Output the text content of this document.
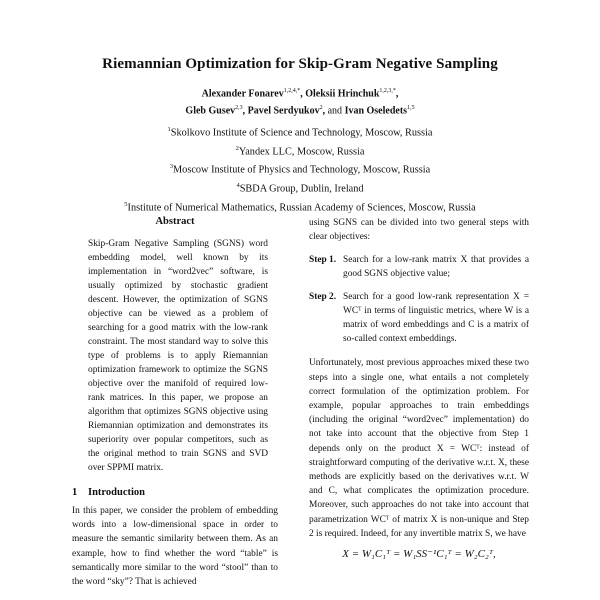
Riemannian Optimization for Skip-Gram Negative Sampling
Alexander Fonarev$^{1,2,4,*}$, Oleksii Hrinchuk$^{1,2,3,*}$,
Gleb Gusev$^{2,3}$, Pavel Serdyukov$^2$, and Ivan Oseledets$^{1,5}$
$^1$Skolkovo Institute of Science and Technology, Moscow, Russia
$^2$Yandex LLC, Moscow, Russia
$^3$Moscow Institute of Physics and Technology, Moscow, Russia
$^4$SBDA Group, Dublin, Ireland
$^5$Institute of Numerical Mathematics, Russian Academy of Sciences, Moscow, Russia
Abstract

Skip-Gram Negative Sampling (SGNS) word embedding model, well known by its implementation in “word2vec” software, is usually optimized by stochastic gradient descent. However, the optimization of SGNS objective can be viewed as a problem of searching for a good matrix with the low-rank constraint. The most standard way to solve this type of problems is to apply Riemannian optimization framework to optimize the SGNS objective over the manifold of required low-rank matrices. In this paper, we propose an algorithm that optimizes SGNS objective using Riemannian optimization and demonstrates its superiority over popular competitors, such as the original method to train SGNS and SVD over SPPMI matrix.

1 Introduction

In this paper, we consider the problem of embedding words into a low-dimensional space in order to measure the semantic similarity between them. As an example, how to find whether the word “table” is semantically more similar to the word “stool” than to the word “sky”? That is achieved

using SGNS can be divided into two general steps with clear objectives:

Step 1. Search for a low-rank matrix X that provides a good SGNS objective value;
Step 2. Search for a good low-rank representation X = WCᵀ in terms of linguistic metrics, where W is a matrix of word embeddings and C is a matrix of so-called context embeddings.

Unfortunately, most previous approaches mixed these two steps into a single one, what entails a not completely correct formulation of the optimization problem. For example, popular approaches to train embeddings (including the original “word2vec” implementation) do not take into account that the objective from Step 1 depends only on the product X = WCᵀ: instead of straightforward computing of the derivative w.r.t. X, these methods are explicitly based on the derivatives w.r.t. W and C, what complicates the optimization procedure. Moreover, such approaches do not take into account that parametrization WCᵀ of matrix X is non-unique and Step 2 is required. Indeed, for any invertible matrix S, we have

X = W₁C₁ᵀ = W₁SS⁻¹C₁ᵀ = W₂C₂ᵀ,
